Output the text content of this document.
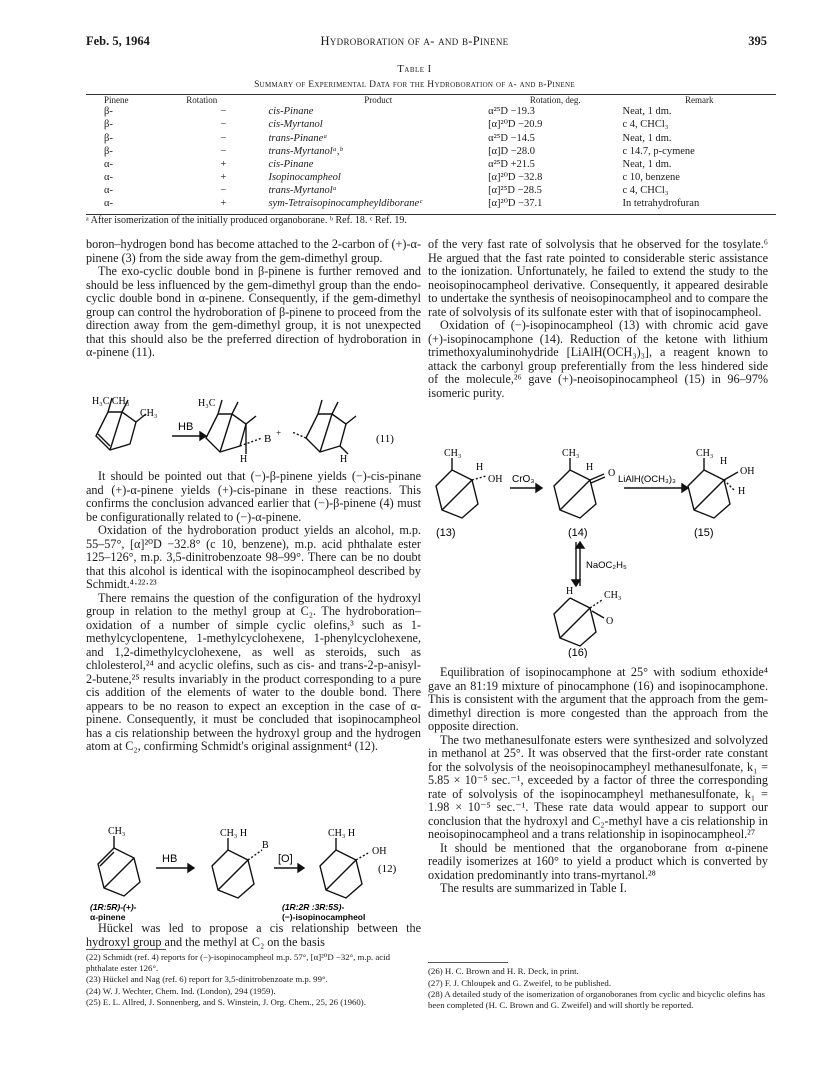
Feb. 5, 1964	Hydroboration of α- and β-Pinene	395
Table I
Summary of Experimental Data for the Hydroboration of α- and β-Pinene
Pinene	Rotation	Product	Rotation, deg.	Remark
β-	−	cis-Pinane	α²⁵D −19.3	Neat, 1 dm.
β-	−	cis-Myrtanol	[α]²⁰D −20.9	c 4, CHCl₃
β-	−	trans-Pinaneᵃ	α²⁵D −14.5	Neat, 1 dm.
β-	−	trans-Myrtanolᵃ,ᵇ	[α]D −28.0	c 14.7, p-cymene
α-	+	cis-Pinane	α²⁵D +21.5	Neat, 1 dm.
α-	+	Isopinocampheol	[α]²⁰D −32.8	c 10, benzene
α-	−	trans-Myrtanolᵃ	[α]²⁵D −28.5	c 4, CHCl₃
α-	+	sym-Tetraisopinocampheyldiboraneᶜ	[α]²⁰D −37.1	In tetrahydrofuran
ᵃ After isomerization of the initially produced organoborane. ᵇ Ref. 18. ᶜ Ref. 19.

boron–hydrogen bond has become attached to the 2-carbon of (+)-α-pinene (3) from the side away from the gem-dimethyl group.

The exo-cyclic double bond in β-pinene is further removed and should be less influenced by the gem-dimethyl group than the endo-cyclic double bond in α-pinene. Consequently, if the gem-dimethyl group can control the hydroboration of β-pinene to proceed from the direction away from the gem-dimethyl group, it is not unexpected that this should also be the preferred direction of hydroboration in α-pinene (11).

H₃C CH₃
CH₃
HB
H₃C
B +
H	H
(11)

It should be pointed out that (−)-β-pinene yields (−)-cis-pinane and (+)-α-pinene yields (+)-cis-pinane in these reactions. This confirms the conclusion advanced earlier that (−)-β-pinene (4) must be configurationally related to (−)-α-pinene.

Oxidation of the hydroboration product yields an alcohol, m.p. 55–57°, [α]²⁰D −32.8° (c 10, benzene), m.p. acid phthalate ester 125–126°, m.p. 3,5-dinitrobenzoate 98–99°. There can be no doubt that this alcohol is identical with the isopinocampheol described by Schmidt.⁴·²²·²³

There remains the question of the configuration of the hydroxyl group in relation to the methyl group at C₂. The hydroboration–oxidation of a number of simple cyclic olefins,³ such as 1-methylcyclopentene, 1-methylcyclohexene, 1-phenylcyclohexene, and 1,2-dimethylcyclohexene, as well as steroids, such as chlolesterol,²⁴ and acyclic olefins, such as cis- and trans-2-p-anisyl-2-butene,²⁵ results invariably in the product corresponding to a pure cis addition of the elements of water to the double bond. There appears to be no reason to expect an exception in the case of α-pinene. Consequently, it must be concluded that isopinocampheol has a cis relationship between the hydroxyl group and the hydrogen atom at C₂, confirming Schmidt's original assignment⁴ (12).

CH₃
HB
CH₃ H
B
[O]
CH₃ H
OH
(12)
(1R:5R)-(+)-
α-pinene
(1R:2R :3R:5S)-
(−)-isopinocampheol

Hückel was led to propose a cis relationship between the hydroxyl group and the methyl at C₂ on the basis

(22) Schmidt (ref. 4) reports for (−)-isopinocampheol m.p. 57°, [α]²⁰D −32°, m.p. acid phthalate ester 126°.
(23) Hückel and Nag (ref. 6) report for 3,5-dinitrobenzoate m.p. 99°.
(24) W. J. Wechter, Chem. Ind. (London), 294 (1959).
(25) E. L. Allred, J. Sonnenberg, and S. Winstein, J. Org. Chem., 25, 26 (1960).

of the very fast rate of solvolysis that he observed for the tosylate.⁶ He argued that the fast rate pointed to considerable steric assistance to the ionization. Unfortunately, he failed to extend the study to the neoisopinocampheol derivative. Consequently, it appeared desirable to undertake the synthesis of neoisopinocampheol and to compare the rate of solvolysis of its sulfonate ester with that of isopinocampheol.

Oxidation of (−)-isopinocampheol (13) with chromic acid gave (+)-isopinocamphone (14). Reduction of the ketone with lithium trimethoxyaluminohydride [LiAlH(OCH₃)₃], a reagent known to attack the carbonyl group preferentially from the less hindered side of the molecule,²⁶ gave (+)-neoisopinocampheol (15) in 96–97% isomeric purity.

CH₃
H
OH CrO₃
CH₃
H
O
LiAlH(OCH₃)₃
CH₃
H
OH
H
(13)	(14)	(15)
NaOC₂H₅
H	CH₃
O
(16)

Equilibration of isopinocamphone at 25° with sodium ethoxide⁴ gave an 81:19 mixture of pinocamphone (16) and isopinocamphone. This is consistent with the argument that the approach from the gem-dimethyl direction is more congested than the approach from the opposite direction.

The two methanesulfonate esters were synthesized and solvolyzed in methanol at 25°. It was observed that the first-order rate constant for the solvolysis of the neoisopinocampheyl methanesulfonate, k₁ = 5.85 × 10⁻⁵ sec.⁻¹, exceeded by a factor of three the corresponding rate of solvolysis of the isopinocampheyl methanesulfonate, k₁ = 1.98 × 10⁻⁵ sec.⁻¹. These rate data would appear to support our conclusion that the hydroxyl and C₂-methyl have a cis relationship in neoisopinocampheol and a trans relationship in isopinocampheol.²⁷

It should be mentioned that the organoborane from α-pinene readily isomerizes at 160° to yield a product which is converted by oxidation predominantly into trans-myrtanol.²⁸

The results are summarized in Table I.

(26) H. C. Brown and H. R. Deck, in print.
(27) F. J. Chloupek and G. Zweifel, to be published.
(28) A detailed study of the isomerization of organoboranes from cyclic and bicyclic olefins has been completed (H. C. Brown and G. Zweifel) and will shortly be reported.
